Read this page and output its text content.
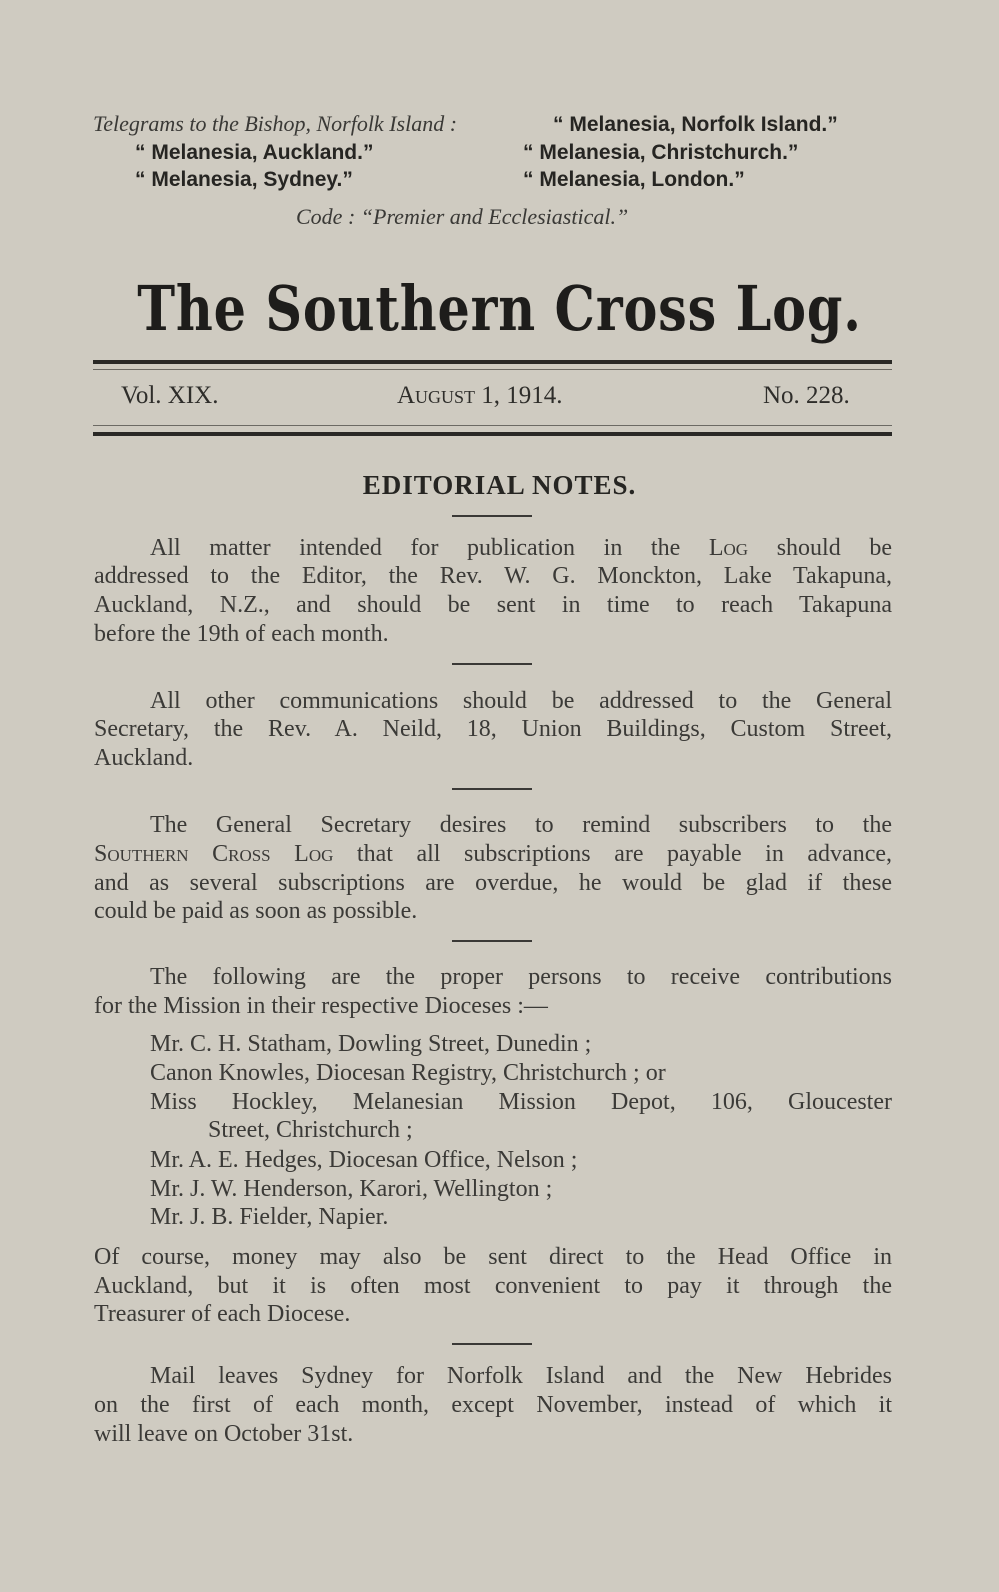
Telegrams to the Bishop, Norfolk Island :	“ Melanesia, Norfolk Island.”
“ Melanesia, Auckland.”	“ Melanesia, Christchurch.”
“ Melanesia, Sydney.”	“ Melanesia, London.”
Code : “Premier and Ecclesiastical.”
The Southern Cross Log.
Vol. XIX.	August 1, 1914.	No. 228.
EDITORIAL NOTES.
All matter intended for publication in the Log should be
addressed to the Editor, the Rev. W. G. Monckton, Lake Takapuna,
Auckland, N.Z., and should be sent in time to reach Takapuna
before the 19th of each month.
All other communications should be addressed to the General
Secretary, the Rev. A. Neild, 18, Union Buildings, Custom Street,
Auckland.
The General Secretary desires to remind subscribers to the
Southern Cross Log that all subscriptions are payable in advance,
and as several subscriptions are overdue, he would be glad if these
could be paid as soon as possible.
The following are the proper persons to receive contributions
for the Mission in their respective Dioceses :—
Mr. C. H. Statham, Dowling Street, Dunedin ;
Canon Knowles, Diocesan Registry, Christchurch ; or
Miss Hockley, Melanesian Mission Depot, 106, Gloucester
Street, Christchurch ;
Mr. A. E. Hedges, Diocesan Office, Nelson ;
Mr. J. W. Henderson, Karori, Wellington ;
Mr. J. B. Fielder, Napier.
Of course, money may also be sent direct to the Head Office in
Auckland, but it is often most convenient to pay it through the
Treasurer of each Diocese.
Mail leaves Sydney for Norfolk Island and the New Hebrides
on the first of each month, except November, instead of which it
will leave on October 31st.
